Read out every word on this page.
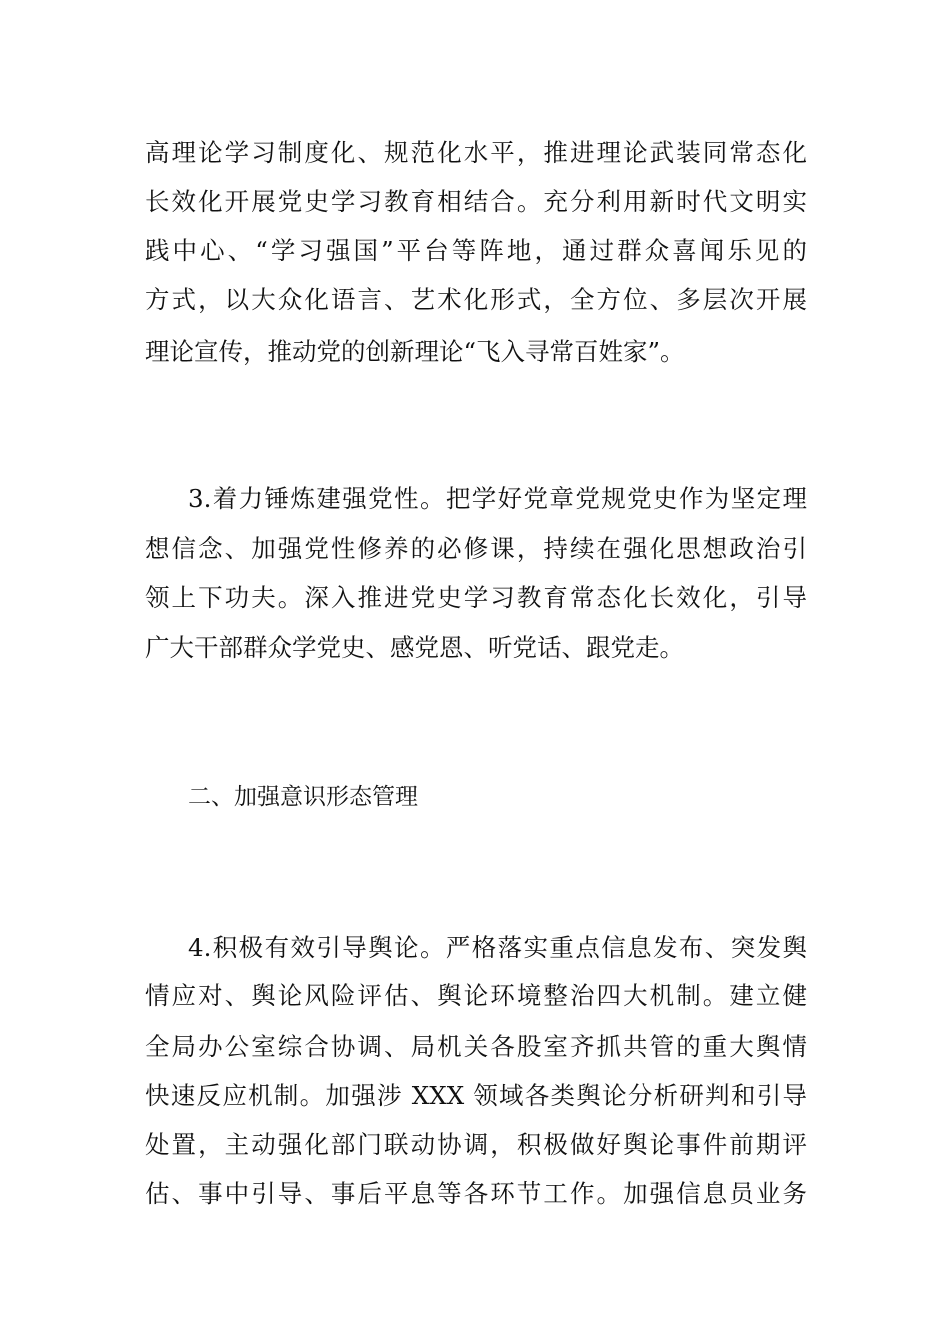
高理论学习制度化、规范化水平，推进理论武装同常态化
长效化开展党史学习教育相结合。充分利用新时代文明实
践中心、“学习强国”平台等阵地，通过群众喜闻乐见的
方式，以大众化语言、艺术化形式，全方位、多层次开展
理论宣传，推动党的创新理论“飞入寻常百姓家”。
3.着力锤炼建强党性。把学好党章党规党史作为坚定理
想信念、加强党性修养的必修课，持续在强化思想政治引
领上下功夫。深入推进党史学习教育常态化长效化，引导
广大干部群众学党史、感党恩、听党话、跟党走。
二、加强意识形态管理
4.积极有效引导舆论。严格落实重点信息发布、突发舆
情应对、舆论风险评估、舆论环境整治四大机制。建立健
全局办公室综合协调、局机关各股室齐抓共管的重大舆情
快速反应机制。加强涉 XXX 领域各类舆论分析研判和引导
处置，主动强化部门联动协调，积极做好舆论事件前期评
估、事中引导、事后平息等各环节工作。加强信息员业务
